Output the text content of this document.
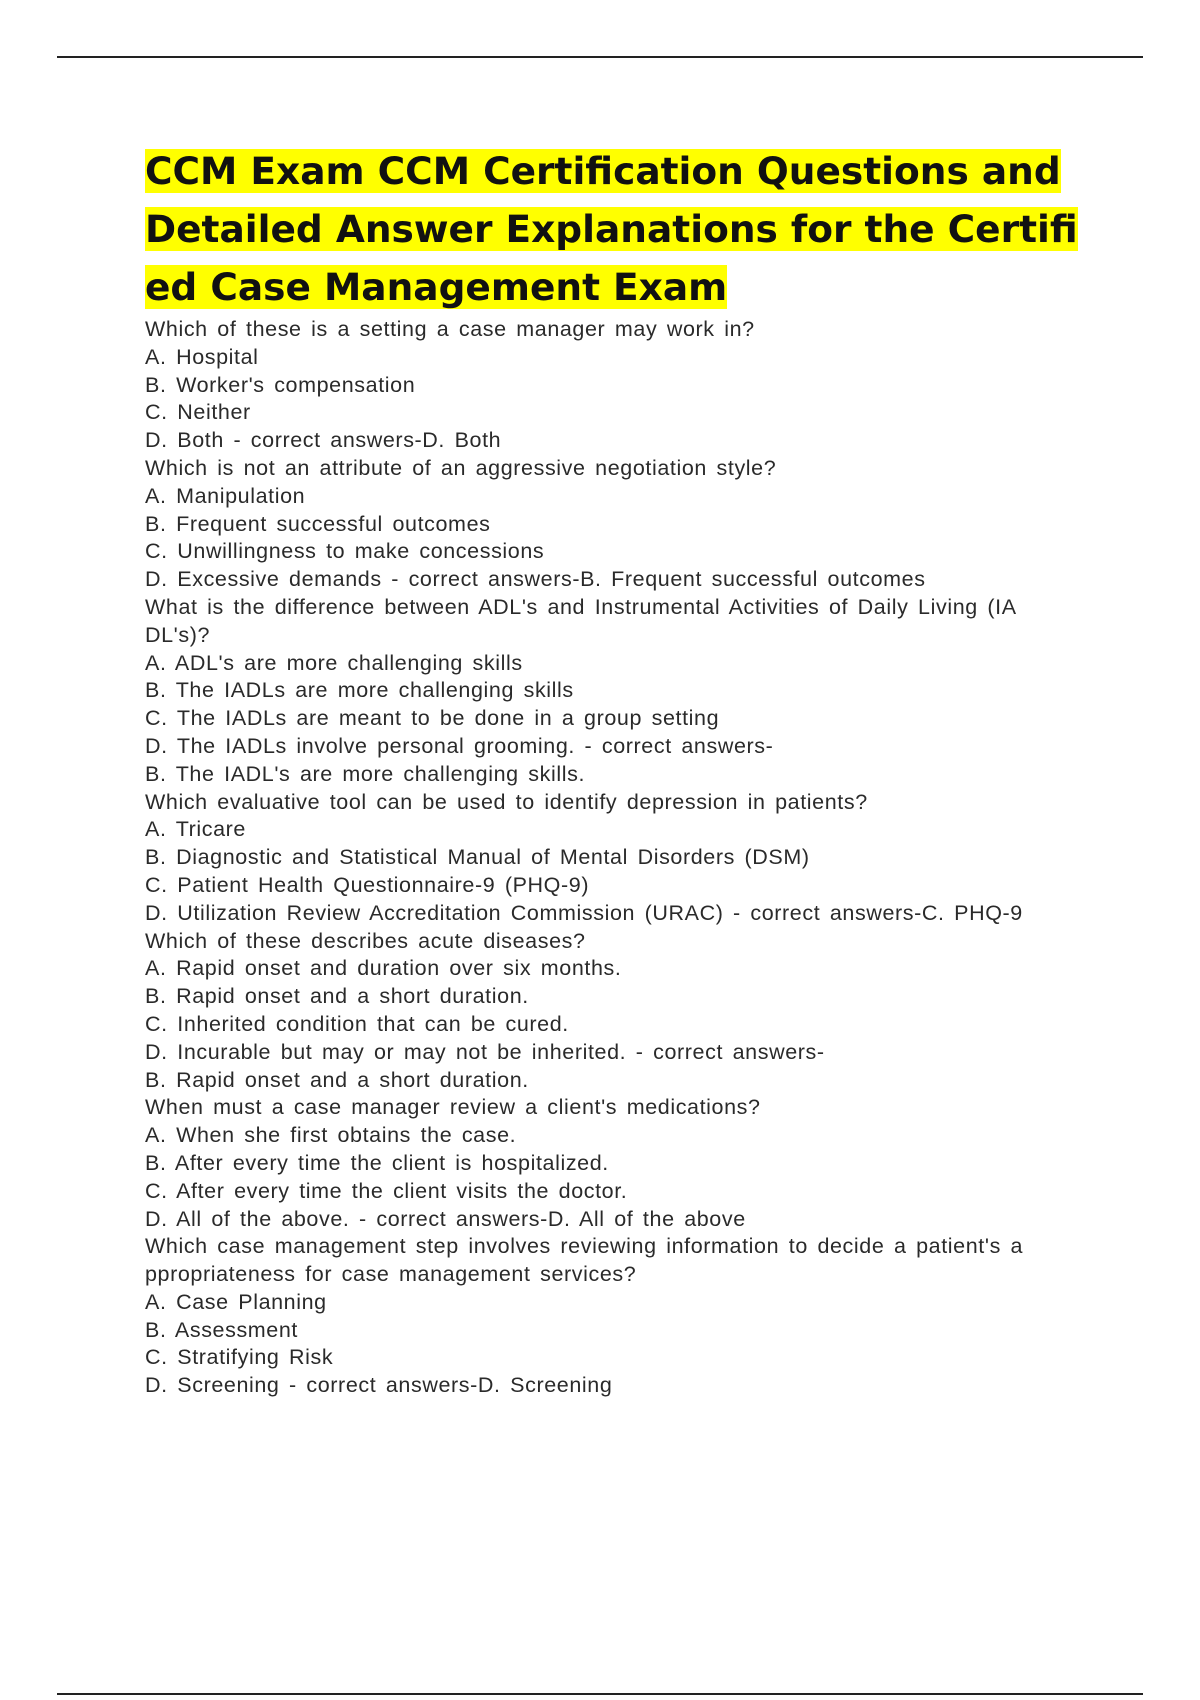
CCM Exam CCM Certification Questions and Detailed Answer Explanations for the Certified Case Management Exam
Which of these is a setting a case manager may work in?
A. Hospital
B. Worker's compensation
C. Neither
D. Both - correct answers-D. Both
Which is not an attribute of an aggressive negotiation style?
A. Manipulation
B. Frequent successful outcomes
C. Unwillingness to make concessions
D. Excessive demands - correct answers-B. Frequent successful outcomes
What is the difference between ADL's and Instrumental Activities of Daily Living (IA
DL's)?
A. ADL's are more challenging skills
B. The IADLs are more challenging skills
C. The IADLs are meant to be done in a group setting
D. The IADLs involve personal grooming. - correct answers-
B. The IADL's are more challenging skills.
Which evaluative tool can be used to identify depression in patients?
A. Tricare
B. Diagnostic and Statistical Manual of Mental Disorders (DSM)
C. Patient Health Questionnaire-9 (PHQ-9)
D. Utilization Review Accreditation Commission (URAC) - correct answers-C. PHQ-9
Which of these describes acute diseases?
A. Rapid onset and duration over six months.
B. Rapid onset and a short duration.
C. Inherited condition that can be cured.
D. Incurable but may or may not be inherited. - correct answers-
B. Rapid onset and a short duration.
When must a case manager review a client's medications?
A. When she first obtains the case.
B. After every time the client is hospitalized.
C. After every time the client visits the doctor.
D. All of the above. - correct answers-D. All of the above
Which case management step involves reviewing information to decide a patient's a
ppropriateness for case management services?
A. Case Planning
B. Assessment
C. Stratifying Risk
D. Screening - correct answers-D. Screening
